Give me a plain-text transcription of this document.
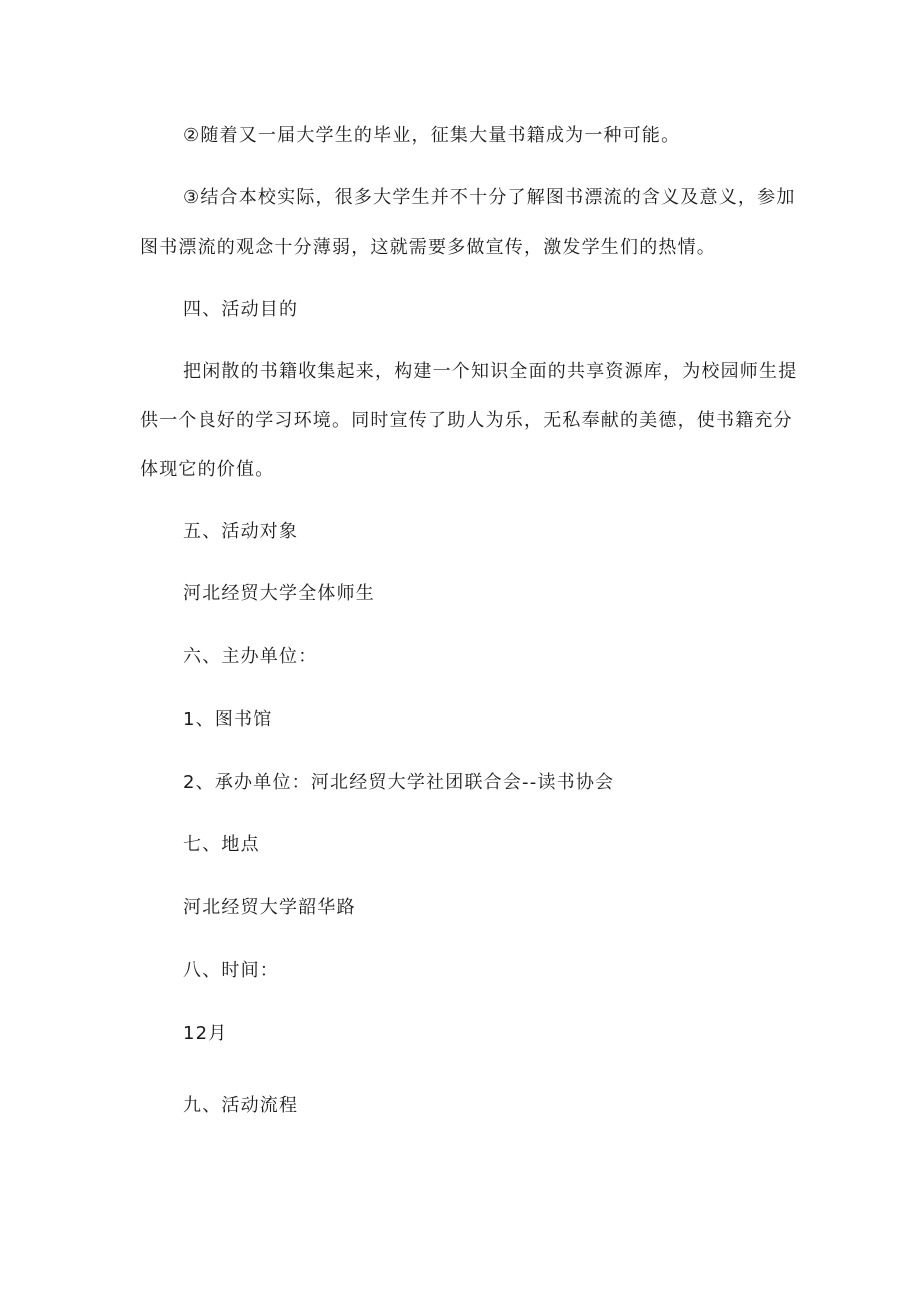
②随着又一届大学生的毕业，征集大量书籍成为一种可能。
③结合本校实际，很多大学生并不十分了解图书漂流的含义及意义，参加
图书漂流的观念十分薄弱，这就需要多做宣传，激发学生们的热情。
四、活动目的
把闲散的书籍收集起来，构建一个知识全面的共享资源库，为校园师生提
供一个良好的学习环境。同时宣传了助人为乐，无私奉献的美德，使书籍充分
体现它的价值。
五、活动对象
河北经贸大学全体师生
六、主办单位：
1、图书馆
2、承办单位：河北经贸大学社团联合会--读书协会
七、地点
河北经贸大学韶华路
八、时间：
12月
九、活动流程
